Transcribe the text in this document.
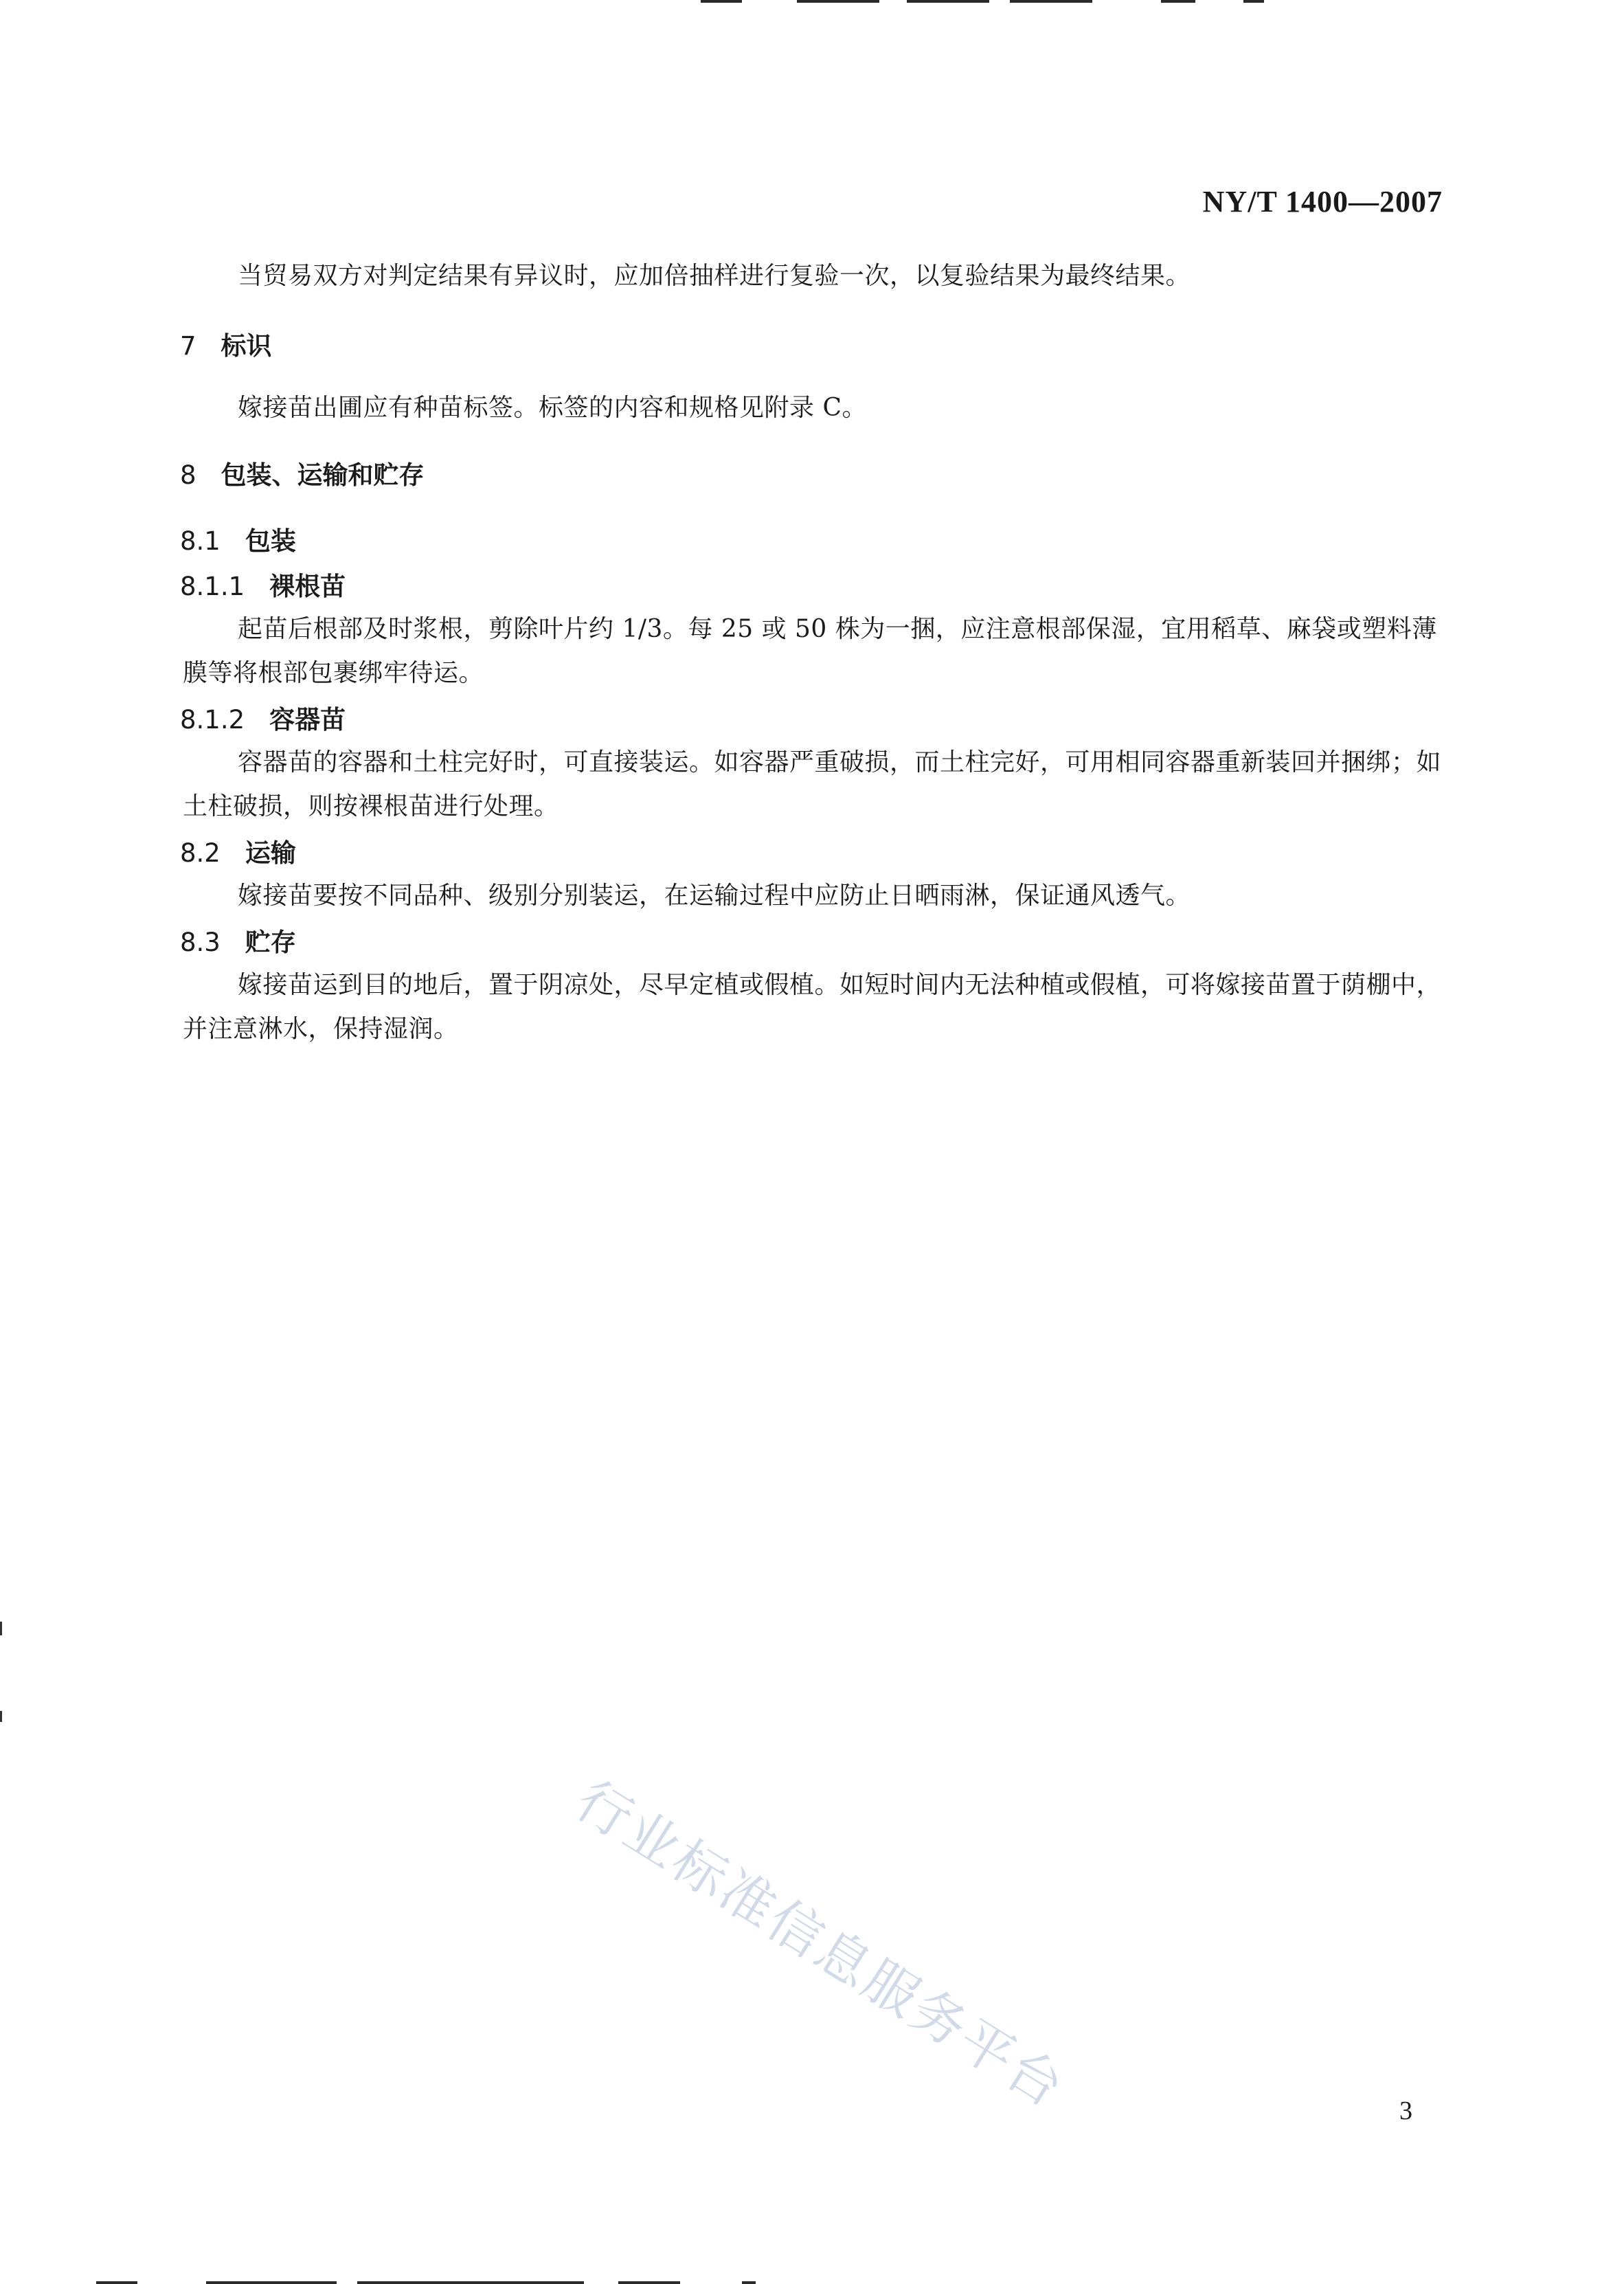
NY/T 1400—2007
当贸易双方对判定结果有异议时，应加倍抽样进行复验一次，以复验结果为最终结果。
7 标识
嫁接苗出圃应有种苗标签。标签的内容和规格见附录 C。
8 包装、运输和贮存
8.1 包装
8.1.1 裸根苗
起苗后根部及时浆根，剪除叶片约 1/3。每 25 或 50 株为一捆，应注意根部保湿，宜用稻草、麻袋或塑料薄膜等将根部包裹绑牢待运。
8.1.2 容器苗
容器苗的容器和土柱完好时，可直接装运。如容器严重破损，而土柱完好，可用相同容器重新装回并捆绑；如土柱破损，则按裸根苗进行处理。
8.2 运输
嫁接苗要按不同品种、级别分别装运，在运输过程中应防止日晒雨淋，保证通风透气。
8.3 贮存
嫁接苗运到目的地后，置于阴凉处，尽早定植或假植。如短时间内无法种植或假植，可将嫁接苗置于荫棚中，并注意淋水，保持湿润。
行业标准信息服务平台	3
